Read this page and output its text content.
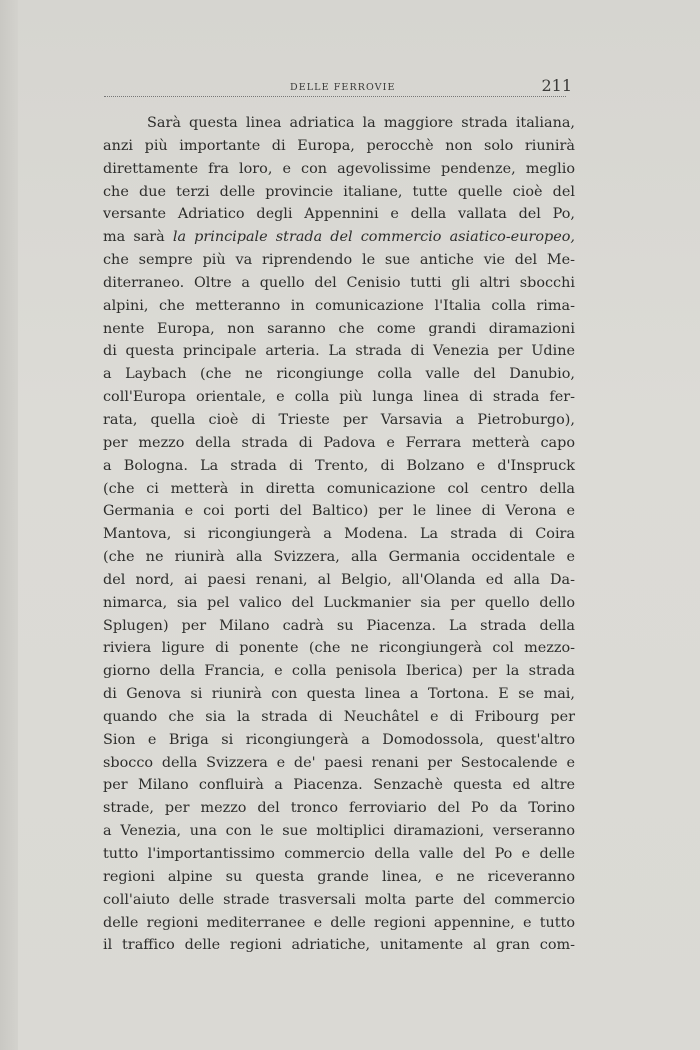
DELLE FERROVIE	211
Sarà questa linea adriatica la maggiore strada italiana,
anzi più importante di Europa, perocchè non solo riunirà
direttamente fra loro, e con agevolissime pendenze, meglio
che due terzi delle provincie italiane, tutte quelle cioè del
versante Adriatico degli Appennini e della vallata del Po,
ma sarà la principale strada del commercio asiatico-europeo,
che sempre più va riprendendo le sue antiche vie del Me-
diterraneo. Oltre a quello del Cenisio tutti gli altri sbocchi
alpini, che metteranno in comunicazione l'Italia colla rima-
nente Europa, non saranno che come grandi diramazioni
di questa principale arteria. La strada di Venezia per Udine
a Laybach (che ne ricongiunge colla valle del Danubio,
coll'Europa orientale, e colla più lunga linea di strada fer-
rata, quella cioè di Trieste per Varsavia a Pietroburgo),
per mezzo della strada di Padova e Ferrara metterà capo
a Bologna. La strada di Trento, di Bolzano e d'Inspruck
(che ci metterà in diretta comunicazione col centro della
Germania e coi porti del Baltico) per le linee di Verona e
Mantova, si ricongiungerà a Modena. La strada di Coira
(che ne riunirà alla Svizzera, alla Germania occidentale e
del nord, ai paesi renani, al Belgio, all'Olanda ed alla Da-
nimarca, sia pel valico del Luckmanier sia per quello dello
Splugen) per Milano cadrà su Piacenza. La strada della
riviera ligure di ponente (che ne ricongiungerà col mezzo-
giorno della Francia, e colla penisola Iberica) per la strada
di Genova si riunirà con questa linea a Tortona. E se mai,
quando che sia la strada di Neuchâtel e di Fribourg per
Sion e Briga si ricongiungerà a Domodossola, quest'altro
sbocco della Svizzera e de' paesi renani per Sestocalende e
per Milano confluirà a Piacenza. Senzachè questa ed altre
strade, per mezzo del tronco ferroviario del Po da Torino
a Venezia, una con le sue moltiplici diramazioni, verseranno
tutto l'importantissimo commercio della valle del Po e delle
regioni alpine su questa grande linea, e ne riceveranno
coll'aiuto delle strade trasversali molta parte del commercio
delle regioni mediterranee e delle regioni appennine, e tutto
il traffico delle regioni adriatiche, unitamente al gran com-
